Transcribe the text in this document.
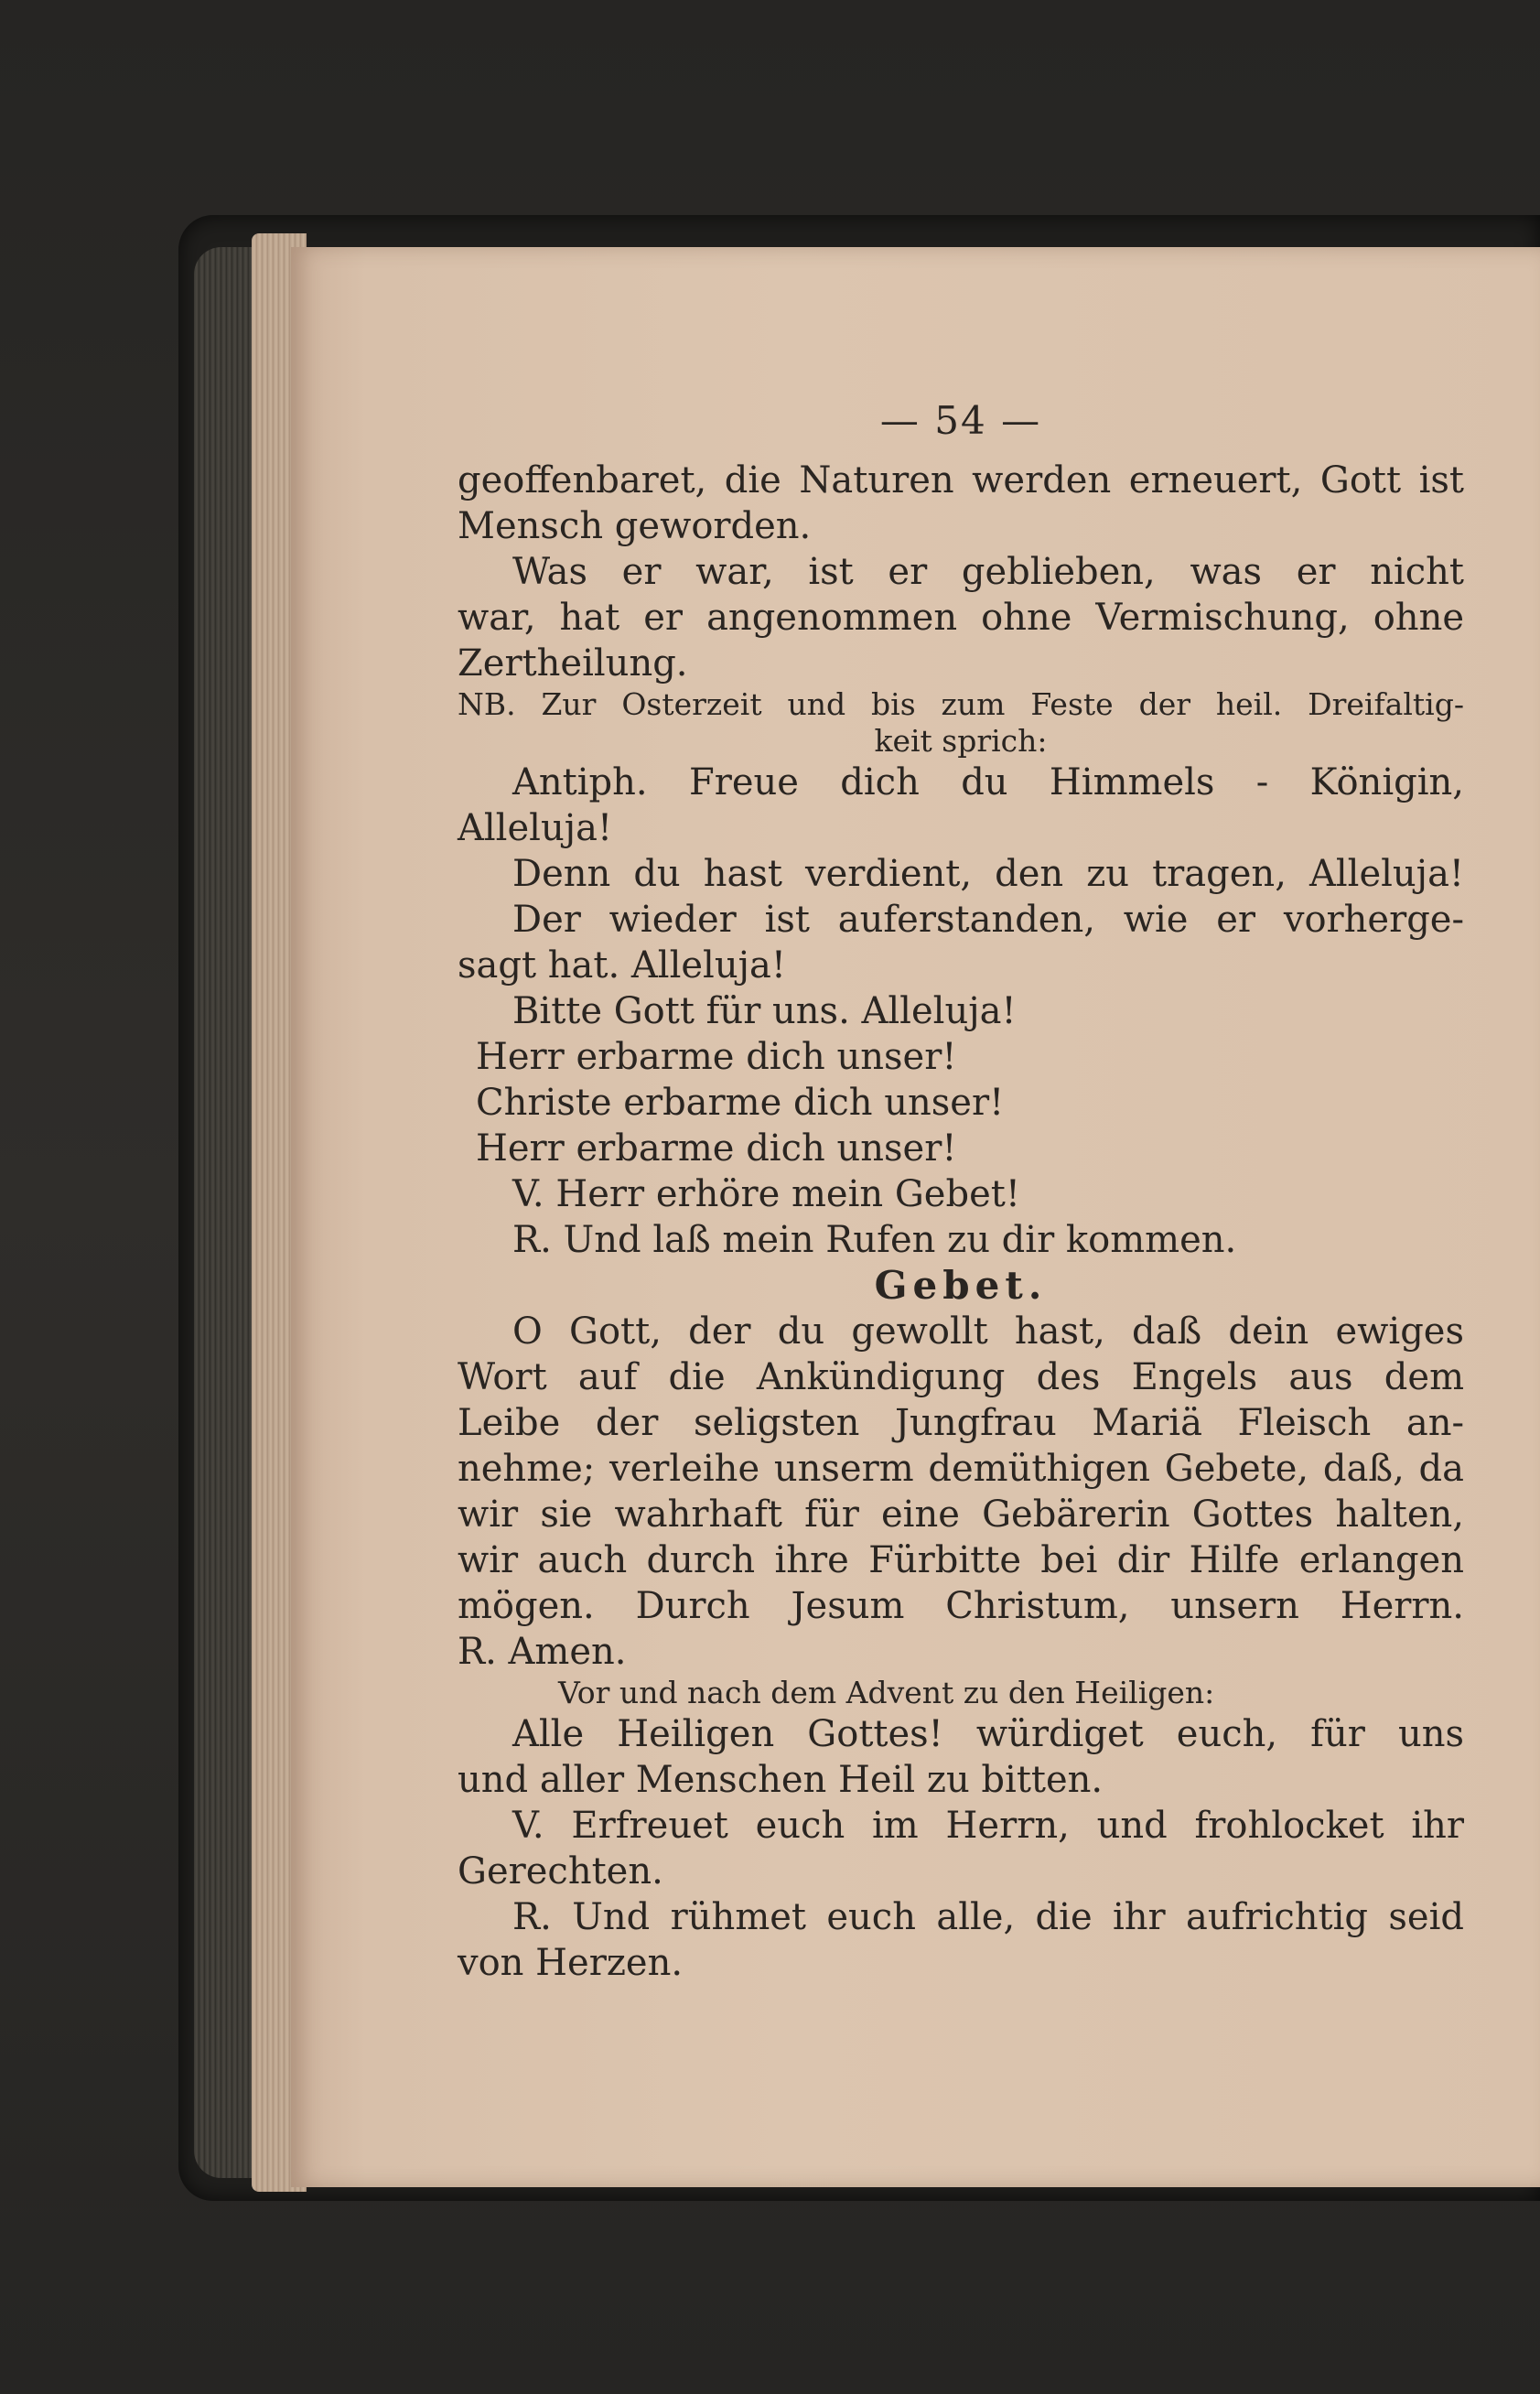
— 54 —
geoffenbaret, die Naturen werden erneuert, Gott ist
Mensch geworden.
Was er war, ist er geblieben, was er nicht
war, hat er angenommen ohne Vermischung, ohne
Zertheilung.
NB. Zur Osterzeit und bis zum Feste der heil. Dreifaltig-
keit sprich:
Antiph. Freue dich du Himmels - Königin,
Alleluja!
Denn du hast verdient, den zu tragen, Alleluja!
Der wieder ist auferstanden, wie er vorherge-
sagt hat. Alleluja!
Bitte Gott für uns. Alleluja!
Herr erbarme dich unser!
Christe erbarme dich unser!
Herr erbarme dich unser!
V. Herr erhöre mein Gebet!
R. Und laß mein Rufen zu dir kommen.
Gebet.
O Gott, der du gewollt hast, daß dein ewiges
Wort auf die Ankündigung des Engels aus dem
Leibe der seligsten Jungfrau Mariä Fleisch an-
nehme; verleihe unserm demüthigen Gebete, daß, da
wir sie wahrhaft für eine Gebärerin Gottes halten,
wir auch durch ihre Fürbitte bei dir Hilfe erlangen
mögen. Durch Jesum Christum, unsern Herrn.
R. Amen.
Vor und nach dem Advent zu den Heiligen:
Alle Heiligen Gottes! würdiget euch, für uns
und aller Menschen Heil zu bitten.
V. Erfreuet euch im Herrn, und frohlocket ihr
Gerechten.
R. Und rühmet euch alle, die ihr aufrichtig seid
von Herzen.
